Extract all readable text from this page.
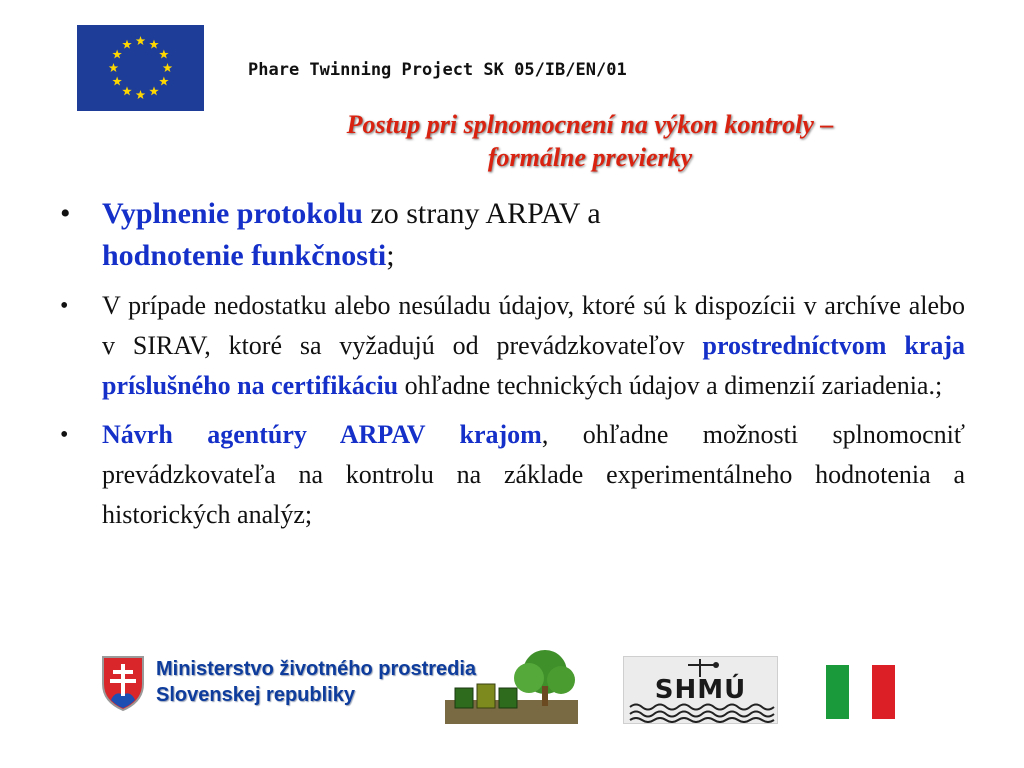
Phare Twinning Project SK 05/IB/EN/01
Postup pri splnomocnení na výkon kontroly –
formálne previerky
• Vyplnenie protokolu zo strany ARPAV a
hodnotenie funkčnosti;
• V prípade nedostatku alebo nesúladu údajov, ktoré sú k dispozícii v archíve alebo v SIRAV, ktoré sa vyžadujú od prevádzkovateľov prostredníctvom kraja príslušného na certifikáciu ohľadne technických údajov a dimenzií zariadenia.;
• Návrh agentúry ARPAV krajom, ohľadne možnosti splnomocniť prevádzkovateľa na kontrolu na základe experimentálneho hodnotenia a historických analýz;
Ministerstvo životného prostredia
Slovenskej republiky	SHMÚ
